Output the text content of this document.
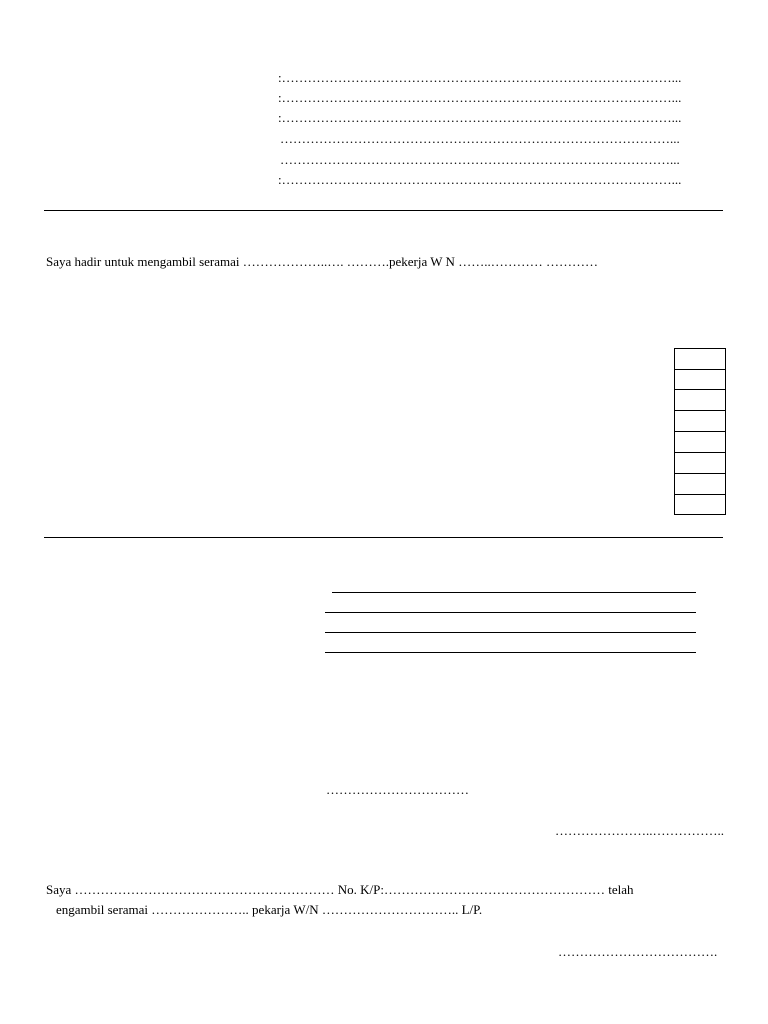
:………………………………………………………………………………...
:………………………………………………………………………………...
:………………………………………………………………………………...
………………………………………………………………………………...
………………………………………………………………………………...
:………………………………………………………………………………...
Saya hadir untuk mengambil seramai ………………..…. ……….pekerja W N ……..………… …………
……………………………
…………………..……………..
Saya …………………………………………………… No. K/P:…………………………………………… telah
engambil seramai ………………….. pekarja W/N ………………………….. L/P.
……………………………….
